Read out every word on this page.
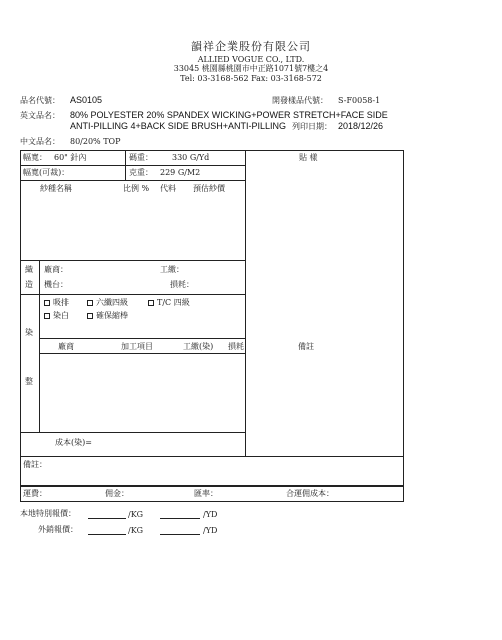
韻祥企業股份有限公司
ALLIED VOGUE CO., LTD.
33045 桃園縣桃園市中正路1071號7樓之4
Tel: 03-3168-562 Fax: 03-3168-572
品名代號： AS0105	開發樣品代號： S-F0058-1
英文品名： 80% POLYESTER 20% SPANDEX WICKING+POWER STRETCH+FACE SIDE
ANTI-PILLING 4+BACK SIDE BRUSH+ANTI-PILLING 列印日期： 2018/12/26
中文品名： 80/20% TOP
幅寬： 60" 針內	碼重： 330 G/Yd	貼 樣
幅寬(可裁)：	克重： 229 G/M2
紗種名稱	比例 % 代料 預估紗價
織
造
廠商：	工繳：
機台：	損耗：
染
整
吸排	六纖四級	T/C 四級
染白	確保縮棒
廠商	加工項目	工繳(染) 損耗	備註
成本(染)=
備註：
運費：	佣金：	匯率：	合運佣成本：
本地特別報價：	/KG	/YD
外銷報價：	/KG	/YD
